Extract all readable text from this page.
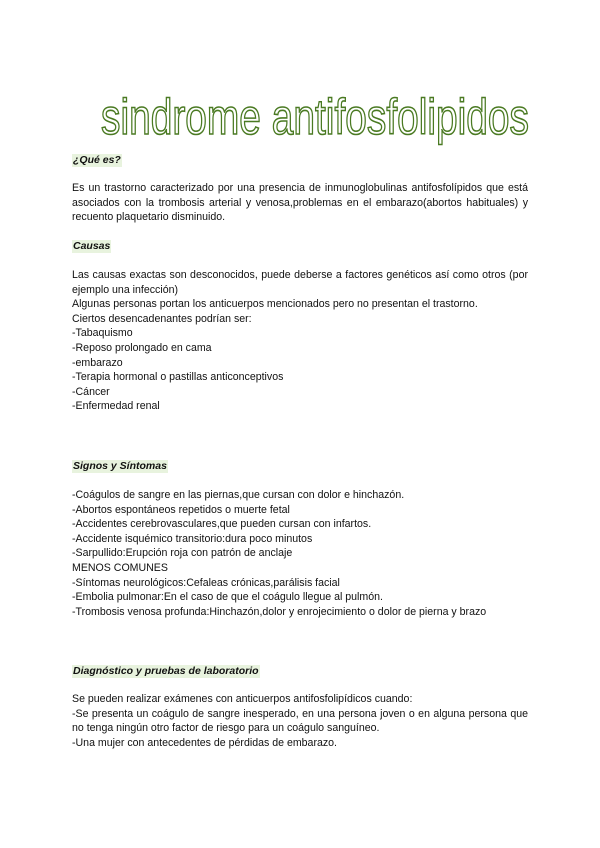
sindrome antifosfolipidos
¿Qué es?

Es un trastorno caracterizado por una presencia de inmunoglobulinas antifosfolípidos que está asociados con la trombosis arterial y venosa,problemas en el embarazo(abortos habituales) y recuento plaquetario disminuido.

Causas

Las causas exactas son desconocidos, puede deberse a factores genéticos así como otros (por ejemplo una infección)

Algunas personas portan los anticuerpos mencionados pero no presentan el trastorno.

Ciertos desencadenantes podrían ser:

-Tabaquismo

-Reposo prolongado en cama

-embarazo

-Terapia hormonal o pastillas anticonceptivos

-Cáncer

-Enfermedad renal

Signos y Síntomas

-Coágulos de sangre en las piernas,que cursan con dolor e hinchazón.

-Abortos espontáneos repetidos o muerte fetal

-Accidentes cerebrovasculares,que pueden cursan con infartos.

-Accidente isquémico transitorio:dura poco minutos

-Sarpullido:Erupción roja con patrón de anclaje

MENOS COMUNES

-Síntomas neurológicos:Cefaleas crónicas,parálisis facial

-Embolia pulmonar:En el caso de que el coágulo llegue al pulmón.

-Trombosis venosa profunda:Hinchazón,dolor y enrojecimiento o dolor de pierna y brazo

Diagnóstico y pruebas de laboratorio

Se pueden realizar exámenes con anticuerpos antifosfolipídicos cuando:

-Se presenta un coágulo de sangre inesperado, en una persona joven o en alguna persona que no tenga ningún otro factor de riesgo para un coágulo sanguíneo.

-Una mujer con antecedentes de pérdidas de embarazo.
